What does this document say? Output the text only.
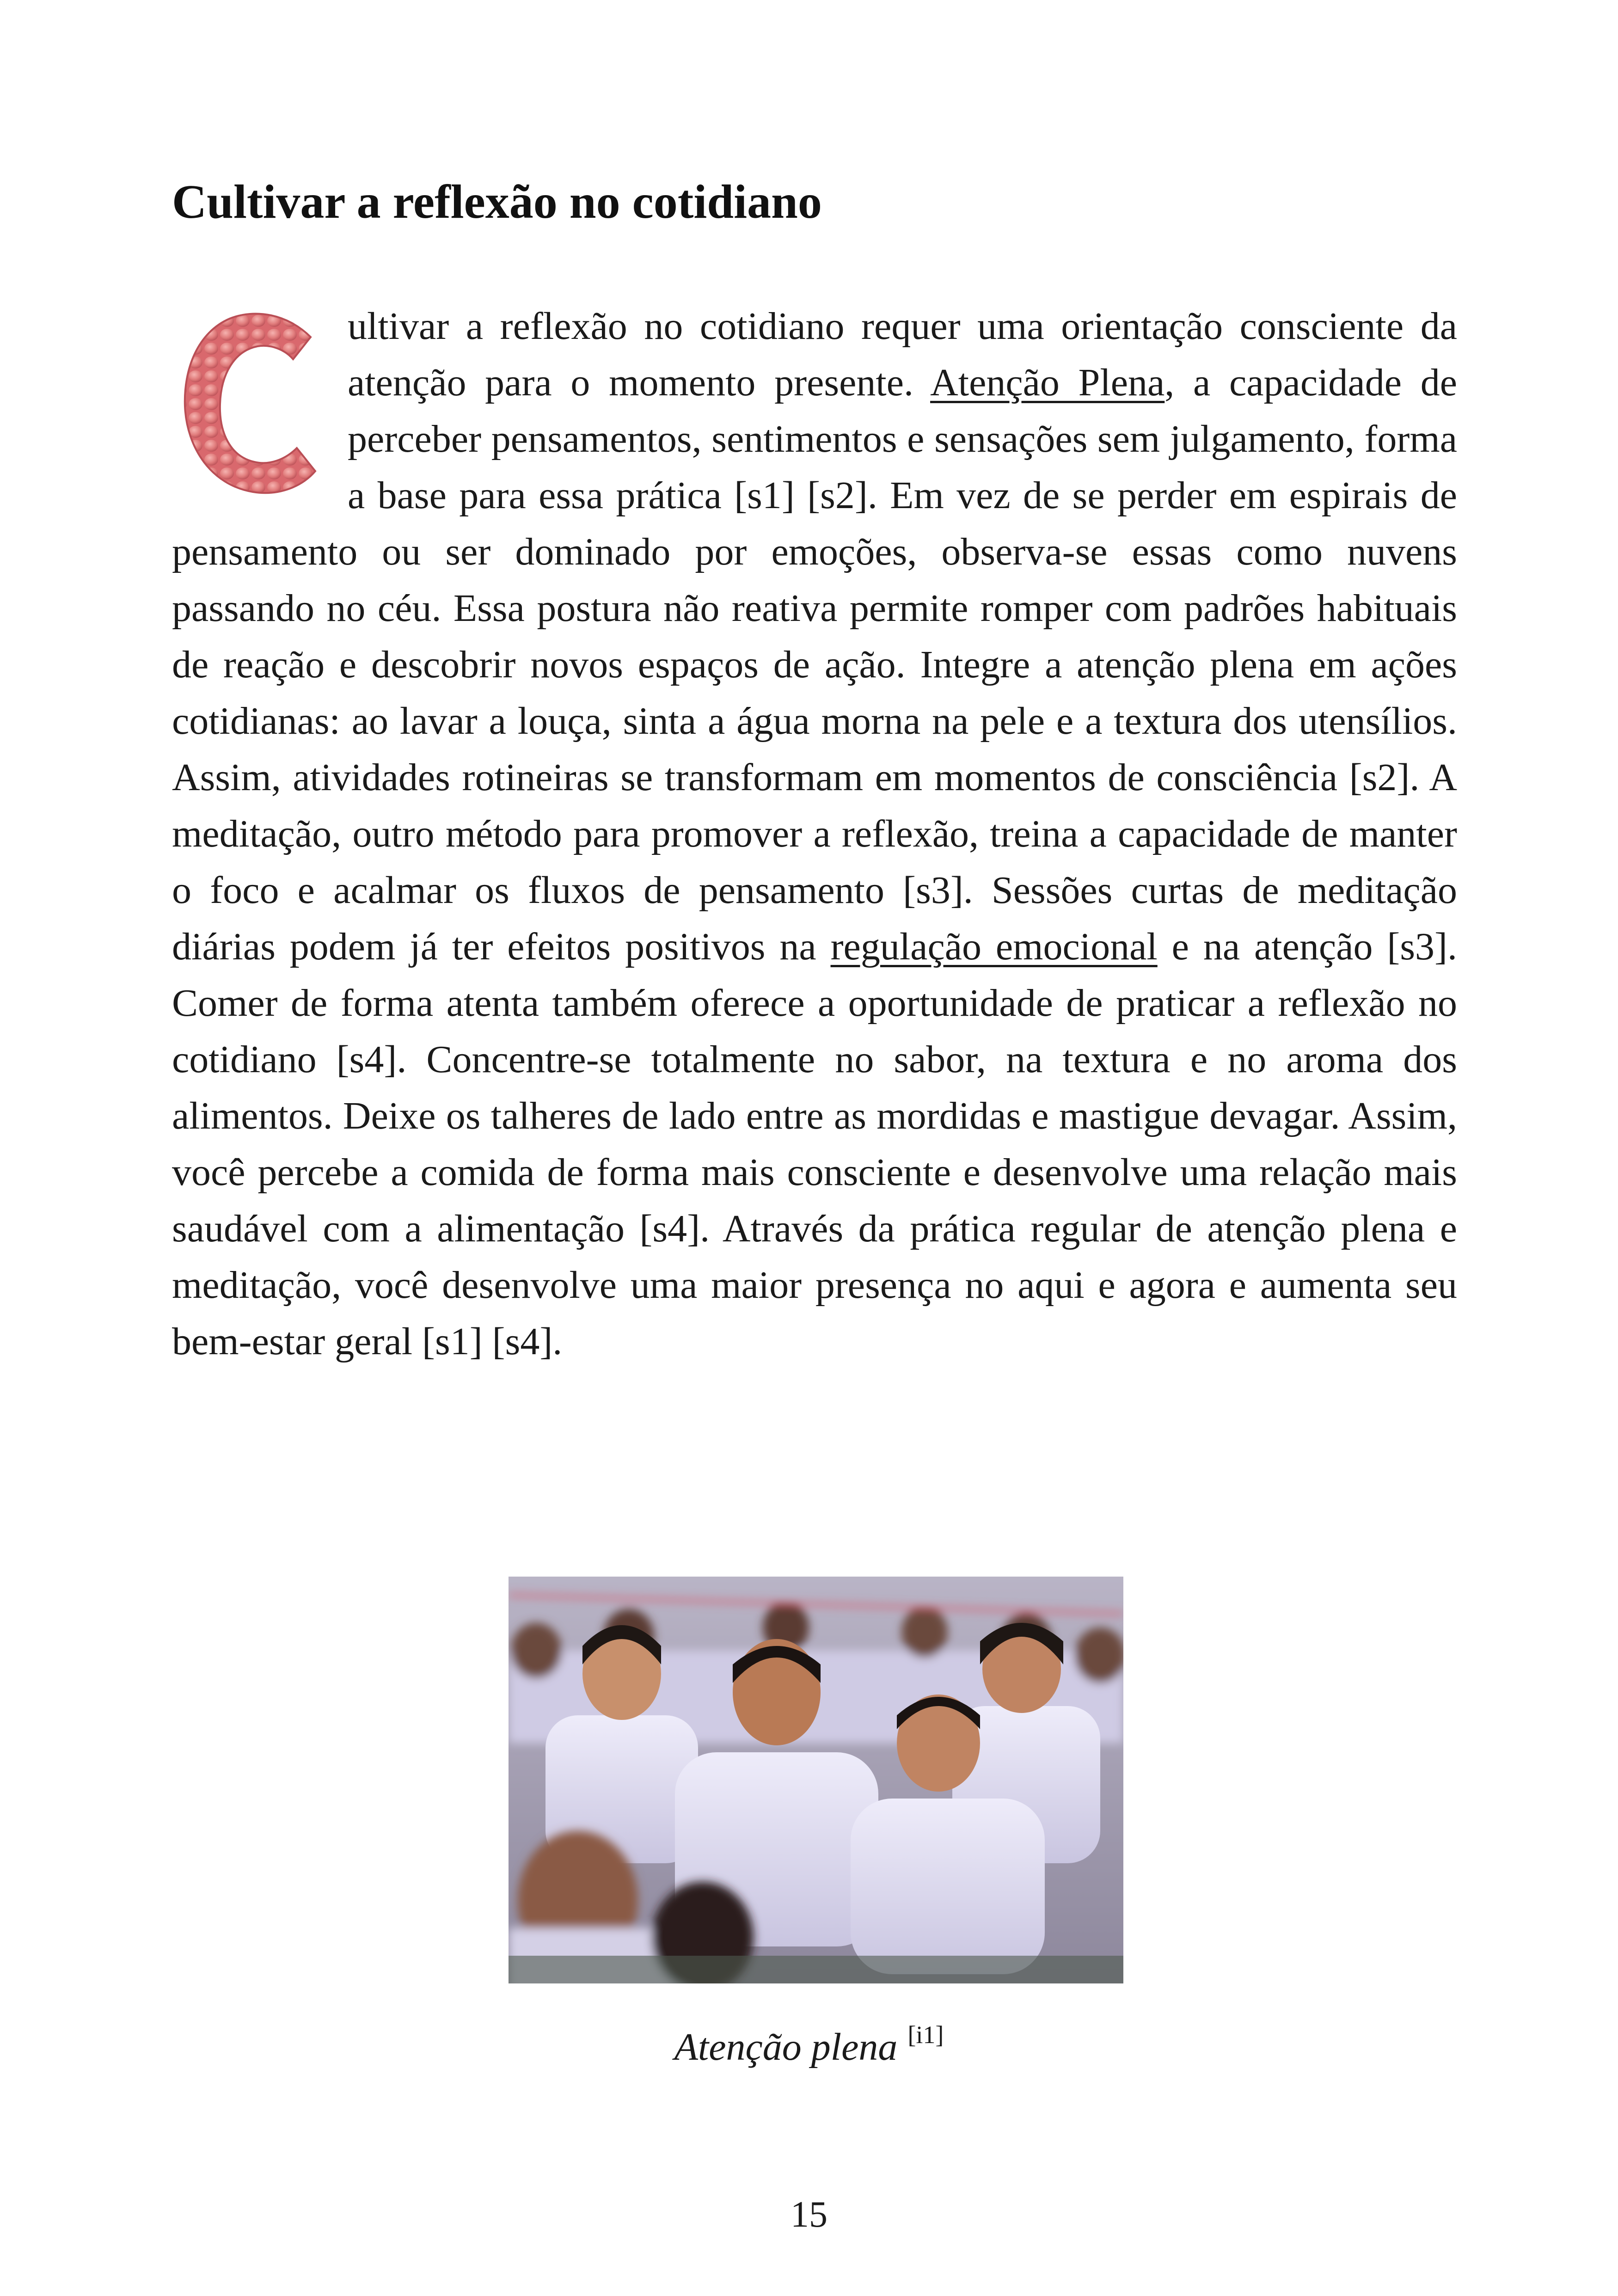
Cultivar a reflexão no cotidiano

ultivar a reflexão no cotidiano requer uma orientação consciente da atenção para o momento presente. Atenção Plena, a capacidade de perceber pensamentos, sentimentos e sensações sem julgamento, forma a base para essa prática [s1] [s2]. Em vez de se perder em espirais de pensamento ou ser dominado por emoções, observa-se essas como nuvens passando no céu. Essa postura não reativa permite romper com padrões habituais de reação e descobrir novos espaços de ação. Integre a atenção plena em ações cotidianas: ao lavar a louça, sinta a água morna na pele e a textura dos utensílios. Assim, atividades rotineiras se transformam em momentos de consciência [s2]. A meditação, outro método para promover a reflexão, treina a capacidade de manter o foco e acalmar os fluxos de pensamento [s3]. Sessões curtas de meditação diárias podem já ter efeitos positivos na regulação emocional e na atenção [s3]. Comer de forma atenta também oferece a oportunidade de praticar a reflexão no cotidiano [s4]. Concentre-se totalmente no sabor, na textura e no aroma dos alimentos. Deixe os talheres de lado entre as mordidas e mastigue devagar. Assim, você percebe a comida de forma mais consciente e desenvolve uma relação mais saudável com a alimentação [s4]. Através da prática regular de atenção plena e meditação, você desenvolve uma maior presença no aqui e agora e aumenta seu bem-estar geral [s1] [s4].

Atenção plena [i1]
15
